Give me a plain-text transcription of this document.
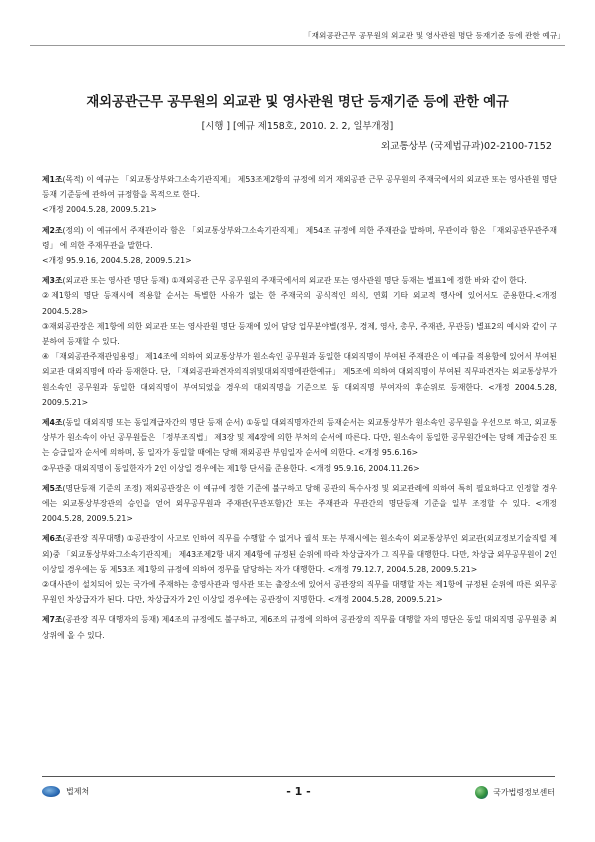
「재외공관근무 공무원의 외교관 및 영사관원 명단 등재기준 등에 관한 예규」
재외공관근무 공무원의 외교관 및 영사관원 명단 등재기준 등에 관한 예규
[시행 ] [예규 제158호, 2010. 2. 2, 일부개정]
외교통상부 (국제법규과)02-2100-7152

제1조(목적) 이 예규는 「외교통상부와그소속기관직제」 제53조제2항의 규정에 의거 재외공관 근무 공무원의 주재국에서의 외교관 또는 영사관원 명단 등재 기준등에 관하여 규정함을 목적으로 한다.

<개정 2004.5.28, 2009.5.21>

제2조(정의) 이 예규에서 주재관이라 함은 「외교통상부와그소속기관직제」 제54조 규정에 의한 주재관을 말하며, 무관이라 함은 「재외공관무관주재령」 에 의한 주재무관을 말한다.

<개정 95.9.16, 2004.5.28, 2009.5.21>

제3조(외교관 또는 영사관 명단 등재) ①재외공관 근무 공무원의 주재국에서의 외교관 또는 영사관원 명단 등재는 별표1에 정한 바와 같이 한다.

②제1항의 명단 등재시에 적용할 순서는 특별한 사유가 없는 한 주재국의 공식적인 의식, 연회 기타 외교적 행사에 있어서도 준용한다.<개정 2004.5.28>

③재외공관장은 제1항에 의한 외교관 또는 영사관원 명단 등재에 있어 담당 업무분야별(정무, 경제, 영사, 총무, 주재관, 무관등) 별표2의 예시와 같이 구분하여 등재할 수 있다.

④ 「재외공관주재관임용령」 제14조에 의하여 외교통상부가 원소속인 공무원과 동일한 대외직명이 부여된 주재관은 이 예규를 적용함에 있어서 부여된 외교관 대외직명에 따라 등재한다. 단, 「재외공관파견자의직위및대외직명에관한예규」 제5조에 의하여 대외직명이 부여된 직무파견자는 외교통상부가 원소속인 공무원과 동일한 대외직명이 부여되었을 경우의 대외직명을 기준으로 동 대외직명 부여자의 후순위로 등재한다. <개정 2004.5.28, 2009.5.21>

제4조(동일 대외직명 또는 동일계급자간의 명단 등재 순서) ①동일 대외직명자간의 등재순서는 외교통상부가 원소속인 공무원을 우선으로 하고, 외교통상부가 원소속이 아닌 공무원들은 「정부조직법」 제3장 및 제4장에 의한 부처의 순서에 따른다. 다만, 원소속이 동일한 공무원간에는 당해 계급승진 또는 승급일자 순서에 의하며, 동 일자가 동일할 때에는 당해 재외공관 부임일자 순서에 의한다. <개정 95.6.16>

②무관중 대외직명이 동일한자가 2인 이상일 경우에는 제1항 단서를 준용한다. <개정 95.9.16, 2004.11.26>

제5조(명단등재 기준의 조정) 재외공관장은 이 예규에 정한 기준에 불구하고 당해 공관의 특수사정 및 외교관례에 의하여 특히 필요하다고 인정할 경우에는 외교통상부장관의 승인을 얻어 외무공무원과 주재관(무관포함)간 또는 주재관과 무관간의 명단등재 기준을 일부 조정할 수 있다. <개정 2004.5.28, 2009.5.21>

제6조(공관장 직무대행) ①공관장이 사고로 인하여 직무를 수행할 수 없거나 궐석 또는 부재시에는 원소속이 외교통상부인 외교관(외교정보기술직렬 제외)중 「외교통상부와그소속기관직제」 제43조제2항 내지 제4항에 규정된 순위에 따라 차상급자가 그 직무를 대행한다. 다만, 차상급 외무공무원이 2인 이상일 경우에는 동 제53조 제1항의 규정에 의하여 정무를 담당하는 자가 대행한다. <개정 79.12.7, 2004.5.28, 2009.5.21>

②대사관이 설치되어 있는 국가에 주재하는 총영사관과 영사관 또는 출장소에 있어서 공관장의 직무를 대행할 자는 제1항에 규정된 순위에 따른 외무공무원인 차상급자가 된다. 다만, 차상급자가 2인 이상일 경우에는 공관장이 지명한다. <개정 2004.5.28, 2009.5.21>

제7조(공관장 직무 대행자의 등재) 제4조의 규정에도 불구하고, 제6조의 규정에 의하여 공관장의 직무를 대행할 자의 명단은 동일 대외직명 공무원중 최상위에 올 수 있다.

법제처	- 1 -	국가법령정보센터
